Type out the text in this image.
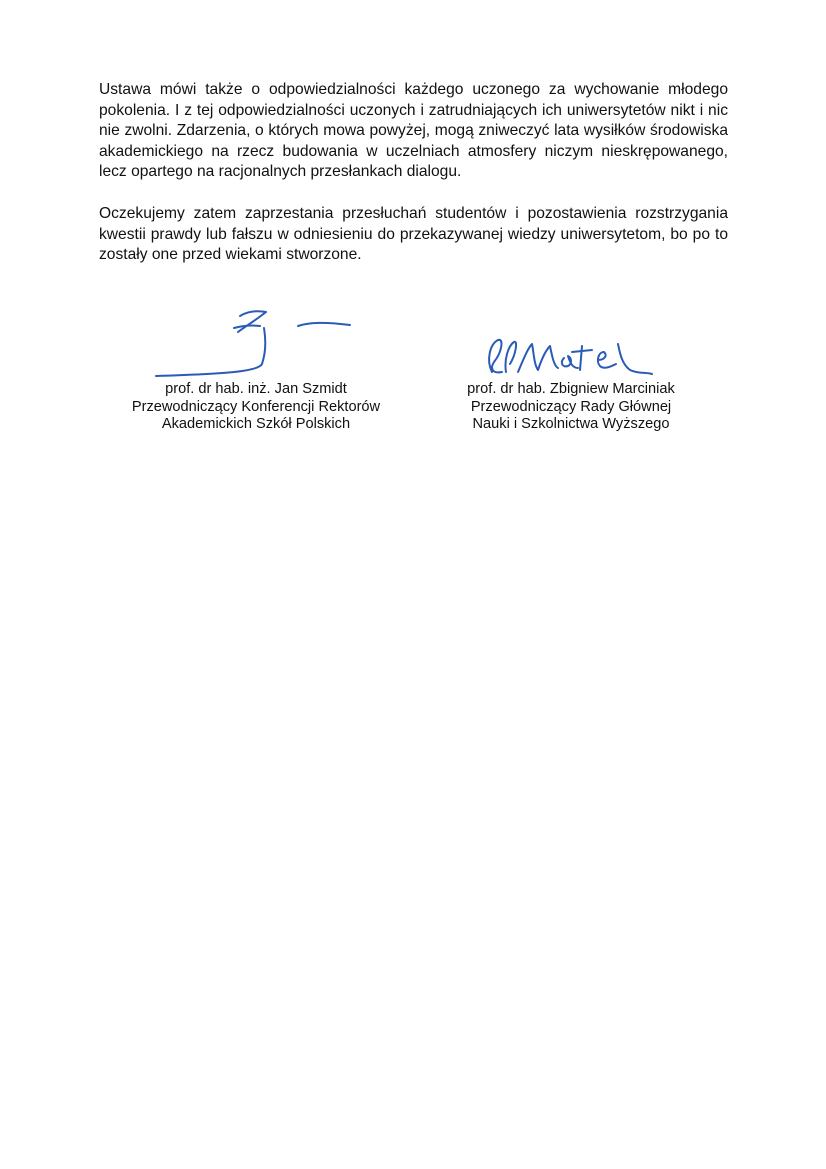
Ustawa mówi także o odpowiedzialności każdego uczonego za wychowanie młodego pokolenia. I z tej odpowiedzialności uczonych i zatrudniających ich uniwersytetów nikt i nic nie zwolni. Zdarzenia, o których mowa powyżej, mogą zniweczyć lata wysiłków środowiska akademickiego na rzecz budowania w uczelniach atmosfery niczym nieskrępowanego, lecz opartego na racjonalnych przesłankach dialogu.

Oczekujemy zatem zaprzestania przesłuchań studentów i pozostawienia rozstrzygania kwestii prawdy lub fałszu w odniesieniu do przekazywanej wiedzy uniwersytetom, bo po to zostały one przed wiekami stworzone.

prof. dr hab. inż. Jan Szmidt
Przewodniczący Konferencji Rektorów
Akademickich Szkół Polskich
prof. dr hab. Zbigniew Marciniak
Przewodniczący Rady Głównej
Nauki i Szkolnictwa Wyższego
